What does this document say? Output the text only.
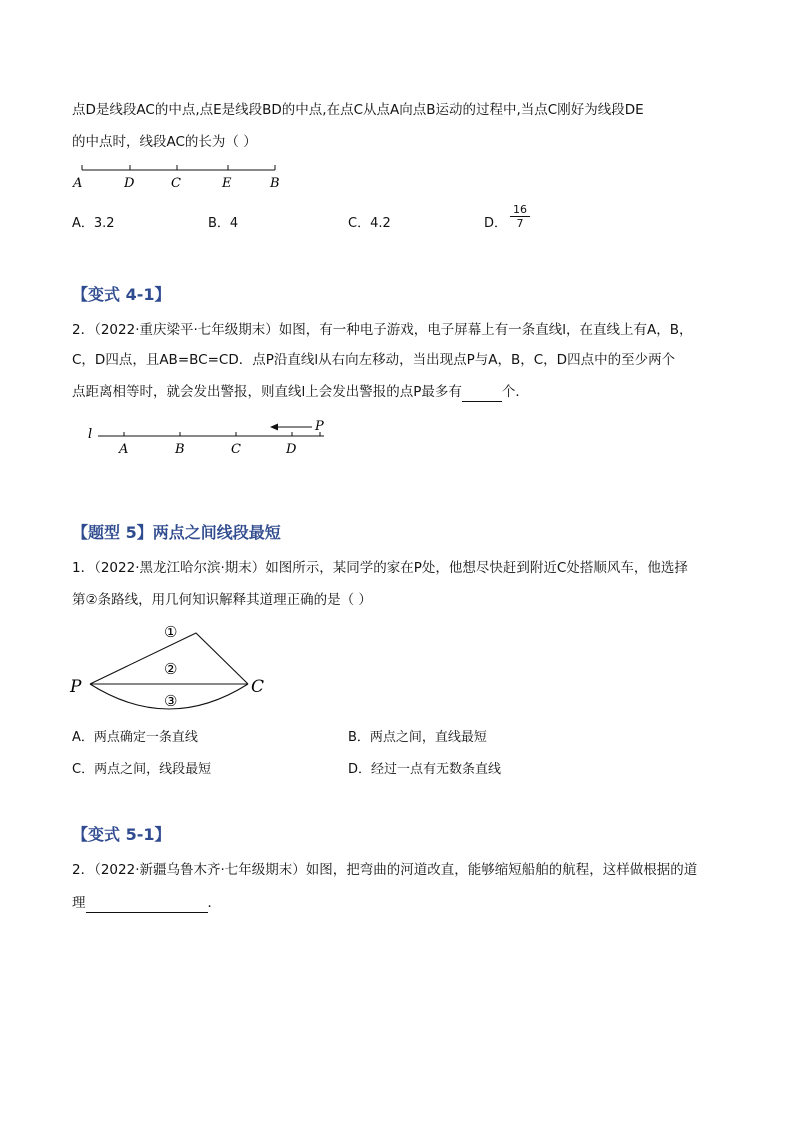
点D是线段AC的中点,点E是线段BD的中点,在点C从点A向点B运动的过程中,当点C刚好为线段DE
的中点时，线段AC的长为（ ）
A	D	C	E	B
A．3.2	B．4	C．4.2	D． $\frac{16}{7}$
【变式 4-1】
2．（2022·重庆梁平·七年级期末）如图，有一种电子游戏，电子屏幕上有一条直线l，在直线上有A，B，
C，D四点，且AB=BC=CD．点P沿直线l从右向左移动，当出现点P与A，B，C，D四点中的至少两个
点距离相等时，就会发出警报，则直线l上会发出警报的点P最多有	个．
l
P
A	B	C	D
【题型 5】两点之间线段最短
1．（2022·黑龙江哈尔滨·期末）如图所示，某同学的家在P处，他想尽快赶到附近C处搭顺风车，他选择
第②条路线，用几何知识解释其道理正确的是（ ）
P	C
①
②
③
A．两点确定一条直线	B．两点之间，直线最短
C．两点之间，线段最短	D．经过一点有无数条直线
【变式 5-1】
2．（2022·新疆乌鲁木齐·七年级期末）如图，把弯曲的河道改直，能够缩短船舶的航程，这样做根据的道
理	．
